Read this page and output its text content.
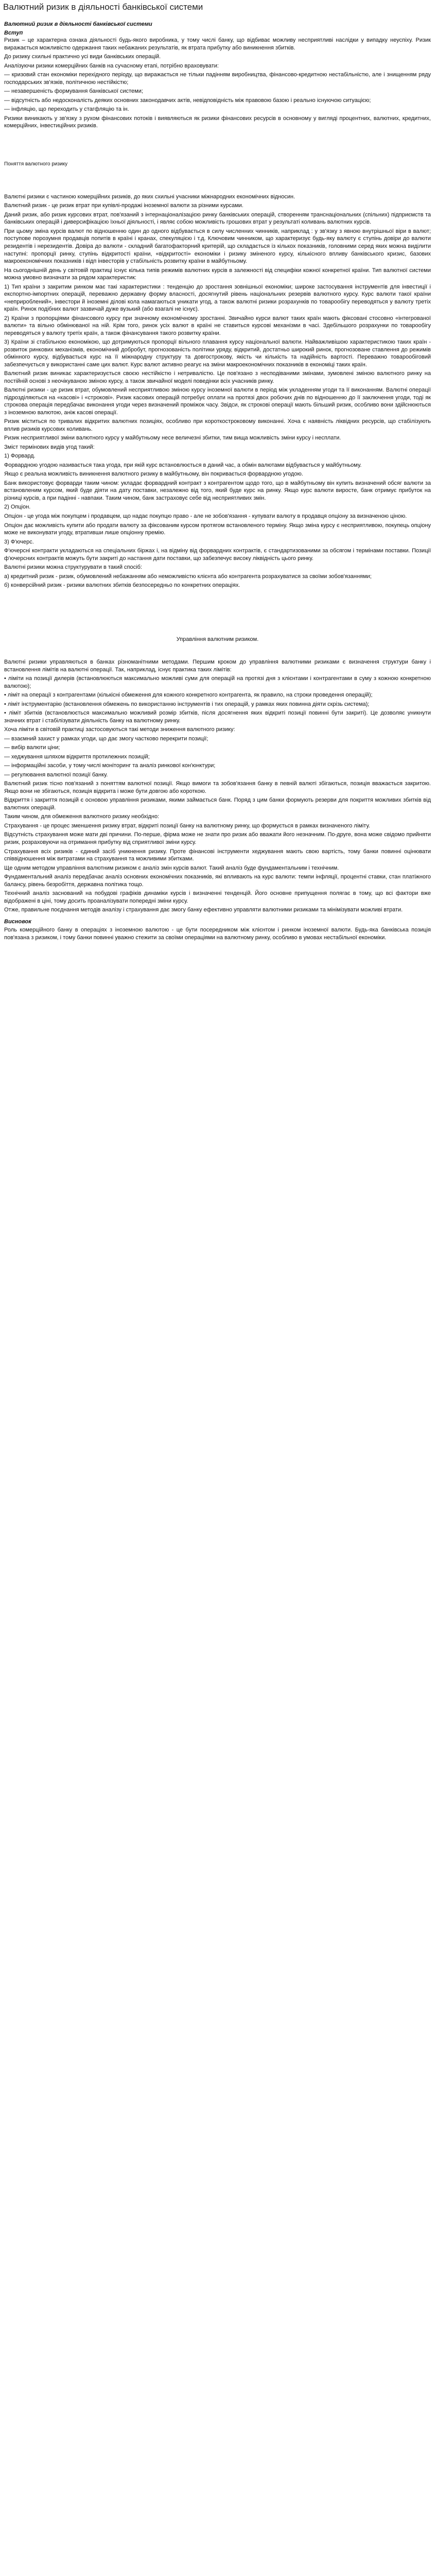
Валютний ризик в діяльності банківської системи
Валютний ризик в діяльності банківської системи
Вступ

Ризик – це характерна ознака діяльності будь-якого виробника, у тому числі банку, що відбиває можливу несприятливі наслідки у випадку неуспіху. Ризик виражається можливістю одержання таких небажаних результатів, як втрата прибутку або виникнення збитків.

До ризику схильні практично усі види банківських операцій.

Аналізуючи ризики комерційних банків на сучасному етапі, потрібно враховувати:

— кризовий стан економіки перехідного періоду, що виражається не тільки падінням виробництва, фінансово-кредитною нестабільністю, але і знищенням ряду господарських зв'язків, політичною нестійкістю;

— незавершеність формування банківської системи;

— відсутність або недосконалість деяких основних законодавчих актів, невідповідність між правовою базою і реально існуючою ситуацією;

— інфляцію, що переходить у стагфляцію та ін.

Ризики виникають у зв'язку з рухом фінансових потоків і виявляються як ризики фінансових ресурсів в основному у вигляді процентних, валютних, кредитних, комерційних, інвестиційних ризиків.

Поняття валютного ризику

Валютні ризики є частиною комерційних ризиків, до яких схильні учасники міжнародних економічних відносин.

Валютний ризик - це ризик втрат при купівлі-продажі іноземної валюти за різними курсами.

Даний ризик, або ризик курсових втрат, пов'язаний з інтернаціоналізацією ринку банківських операцій, створенням транснаціональних (спільних) підприємств та банківських операцій і диверсифікацією їхньої діяльності, і являє собою можливість грошових втрат у результаті коливань валютних курсів.

При цьому зміна курсів валют по відношенню один до одного відбувається в силу численних чинників, наприклад : у зв'язку з явною внутрішньої віри в валют; поступове порозумня продавців попитів в країні і кранах, спекуляцією і т.д. Ключовим чинником, що характеризує будь-яку валюту є ступінь довіри до валюти резидентів і нерезидентів. Довіра до валюти - складний багатофакторний критерій, що складається із кількох показників, головними серед яких можна виділити наступні: пропорції ринку, ступінь відкритості країни, «відкритості» економіки і ризику зміненого курсу, кількісного впливу банківського кризис, базових макроекономічних показників і відп інвесторів у стабільність розвитку країни в майбутньому.

На сьогоднішній день у світовій практиці існує кілька типів режимів валютних курсів в залежності від специфіки кожної конкретної країни. Тип валютної системи можна умовно визначати за рядом характеристик:

1) Тип країни з закритим ринком має такі характеристики : тенденцію до зростання зовнішньої економіки; широке застосування інструментів для інвестиції і експортно-імпортних операцій, переважно державну форму власності, досягнутий рівень національних резервів валютного курсу. Курс валюти такої країни «неприроблений», інвестори й іноземні ділові кола намагаються уникати угод, а також валютні ризики розрахунків по товарообігу переводяться у валюту третіх країн. Ринок подібних валют зазвичай дуже вузький (або взагалі не існує).

2) Країни з пропорціями фінансового курсу при значному економічному зростанні. Звичайно курси валют таких країн мають фіксовані стосовно «інтегрованої валюти» та вільно обмінюваної на ній. Крім того, ринок усіх валют в країні не ставиться курсові механізми в часі. Здебільшого розрахунки по товарообігу переводяться у валюту третіх країн, а також фінансування такого розвитку країни.

3) Країни зі стабільною економікою, що дотримуються пропорції вільного плавання курсу національної валюти. Найважливішою характеристикою таких країн - розвиток ринкових механізмів, економічний добробут, прогнозованість політики уряду, відкритий, достатньо широкий ринок, прогнозоване ставлення до режимів обмінного курсу, відбувається курс на її міжнародну структуру та довгострокову, якість чи кількість та надійність вартості. Переважно товарообіговий забезпечується у використанні саме цих валют. Курс валют активно реагує на зміни макроекономічних показників в економіці таких країн.

Валютний ризик виникає характеризується своєю нестійкістю і нетривалістю. Це пов'язано з несподіваними змінами, зумовлені зміною валютного ринку на постійній основі з неочікуваною зміною курсу, а також звичайної моделі поведінки всіх учасників ринку.

Валютні ризики - це ризик втрат, обумовлений несприятливою зміною курсу іноземної валюти в період між укладенням угоди та її виконанням. Валютні операції підрозділяються на «касові» і «строкові». Ризик касових операцій потребує оплати на протязі двох робочих днів по відношенню до її заключення угоди, тоді як строкова операція передбачає виконання угоди через визначений проміжок часу. Звідси, як строкові операції мають більший ризик, особливо вони здійснюються з іноземною валютою, аніж касові операції.

Ризик міститься по тривалих відкритих валютних позиціях, особливо при короткостроковому виконанні. Хоча є наявність ліквідних ресурсів, що стабілізують вплив ризиків курсових коливань.

Ризик несприятливої зміни валютного курсу у майбутньому несе величезні збитки, тим вища можливість зміни курсу і несплати.

Зміст термінових видів угод такий:

1) Форвард.

Форвардною угодою називається така угода, при якій курс встановлюється в даний час, а обмін валютами відбувається у майбутньому.

Якщо є реальна можливість виникнення валютного ризику в майбутньому, він покривається форвардною угодою.

Банк використовує форварди таким чином: укладає форвардний контракт з контрагентом щодо того, що в майбутньому він купить визначений обсяг валюти за встановленим курсом, який буде діяти на дату поставки, незалежно від того, який буде курс на ринку. Якщо курс валюти виросте, банк отримує прибуток на різниці курсів, а при падінні - навпаки. Таким чином, банк застраховує себе від несприятливих змін.

2) Опціон.

Опціон - це угода між покупцем і продавцем, що надає покупцю право - але не зобов'язання - купувати валюту в продавця опціону за визначеною ціною.

Опціон дає можливість купити або продати валюту за фіксованим курсом протягом встановленого терміну. Якщо зміна курсу є несприятливою, покупець опціону може не виконувати угоду, втративши лише опціонну премію.

3) Ф'ючерс.

Ф'ючерсні контракти укладаються на спеціальних біржах і, на відміну від форвардних контрактів, є стандартизованими за обсягом і термінами поставки. Позиції ф'ючерсних контрактів можуть бути закриті до настання дати поставки, що забезпечує високу ліквідність цього ринку.

Валютні ризики можна структурувати в такий спосіб:

а) кредитний ризик - ризик, обумовлений небажанням або неможливістю клієнта або контрагента розрахуватися за своїми зобов'язаннями;

б) конверсійний ризик - ризики валютних збитків безпосередньо по конкретних операціях.

Управління валютним ризиком.

Валютні ризики управляються в банках різноманітними методами. Першим кроком до управління валютними ризиками є визначення структури банку і встановлення лімітів на валютні операції. Так, наприклад, існує практика таких лімітів:

• ліміти на позиції дилерів (встановлюються максимально можливі суми для операцій на протязі дня з клієнтами і контрагентами в суму з кожною конкретною валютою);

• ліміт на операції з контрагентами (кількісні обмеження для кожного конкретного контрагента, як правило, на строки проведення операцій);

• ліміт інструментарію (встановлення обмежень по використанню інструментів і тих операцій, у рамках яких повинна діяти скрізь система);

• ліміт збитків (встановлюється максимально можливий розмір збитків, після досягнення яких відкриті позиції повинні бути закриті). Це дозволяє уникнути значних втрат і стабілізувати діяльність банку на валютному ринку.

Хоча ліміти в світовій практиці застосовуються такі методи зниження валютного ризику:

— взаємний захист у рамках угоди, що дає змогу частково перекрити позиції;

— вибір валюти ціни;

— хеджування шляхом відкриття протилежних позицій;

— інформаційні засоби, у тому числі моніторинг та аналіз ринкової кон'юнктури;

— регулювання валютної позиції банку.

Валютний ризик тісно пов'язаний з поняттям валютної позиції. Якщо вимоги та зобов'язання банку в певній валюті збігаються, позиція вважається закритою. Якщо вони не збігаються, позиція відкрита і може бути довгою або короткою.

Відкриття і закриття позицій є основою управління ризиками, якими займається банк. Поряд з цим банки формують резерви для покриття можливих збитків від валютних операцій.

Таким чином, для обмеження валютного ризику необхідно:

Страхування - це процес зменшення ризику втрат, відкриті позиції банку на валютному ринку, що формується в рамках визначеного ліміту.

Відсутність страхування може мати дві причини. По-перше, фірма може не знати про ризик або вважати його незначним. По-друге, вона може свідомо прийняти ризик, розраховуючи на отримання прибутку від сприятливої зміни курсу.

Страхування всіх ризиків - єдиний засіб уникнення ризику. Проте фінансові інструменти хеджування мають свою вартість, тому банки повинні оцінювати співвідношення між витратами на страхування та можливими збитками.

Ще одним методом управління валютним ризиком є аналіз змін курсів валют. Такий аналіз буде фундаментальним і технічним.

Фундаментальний аналіз передбачає аналіз основних економічних показників, які впливають на курс валюти: темпи інфляції, процентні ставки, стан платіжного балансу, рівень безробіття, державна політика тощо.

Технічний аналіз заснований на побудові графіків динаміки курсів і визначенні тенденцій. Його основне припущення полягає в тому, що всі фактори вже відображені в ціні, тому досить проаналізувати попередні зміни курсу.

Отже, правильне поєднання методів аналізу і страхування дає змогу банку ефективно управляти валютними ризиками та мінімізувати можливі втрати.

Висновок

Роль комерційного банку в операціях з іноземною валютою - це бути посередником між клієнтом і ринком іноземної валюти. Будь-яка банківська позиція пов'язана з ризиком, і тому банки повинні уважно стежити за своїми операціями на валютному ринку, особливо в умовах нестабільної економіки.
